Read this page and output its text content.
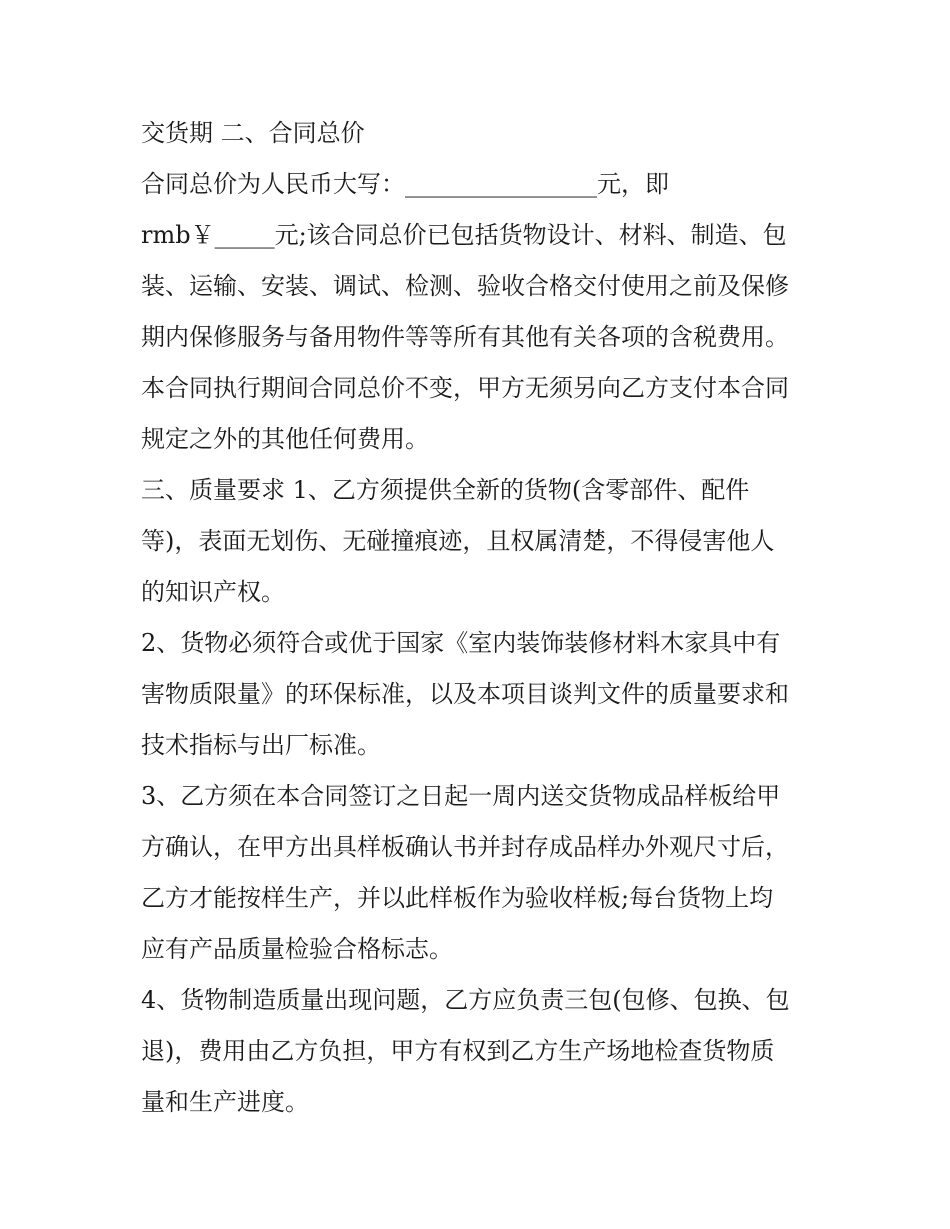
交货期 二、合同总价

合同总价为人民币大写：________________元，即

rmb￥_____元;该合同总价已包括货物设计、材料、制造、包

装、运输、安装、调试、检测、验收合格交付使用之前及保修

期内保修服务与备用物件等等所有其他有关各项的含税费用。

本合同执行期间合同总价不变，甲方无须另向乙方支付本合同

规定之外的其他任何费用。

三、质量要求 1、乙方须提供全新的货物(含零部件、配件

等)，表面无划伤、无碰撞痕迹，且权属清楚，不得侵害他人

的知识产权。

2、货物必须符合或优于国家《室内装饰装修材料木家具中有

害物质限量》的环保标准，以及本项目谈判文件的质量要求和

技术指标与出厂标准。

3、乙方须在本合同签订之日起一周内送交货物成品样板给甲

方确认，在甲方出具样板确认书并封存成品样办外观尺寸后，

乙方才能按样生产，并以此样板作为验收样板;每台货物上均

应有产品质量检验合格标志。

4、货物制造质量出现问题，乙方应负责三包(包修、包换、包

退)，费用由乙方负担，甲方有权到乙方生产场地检查货物质

量和生产进度。
